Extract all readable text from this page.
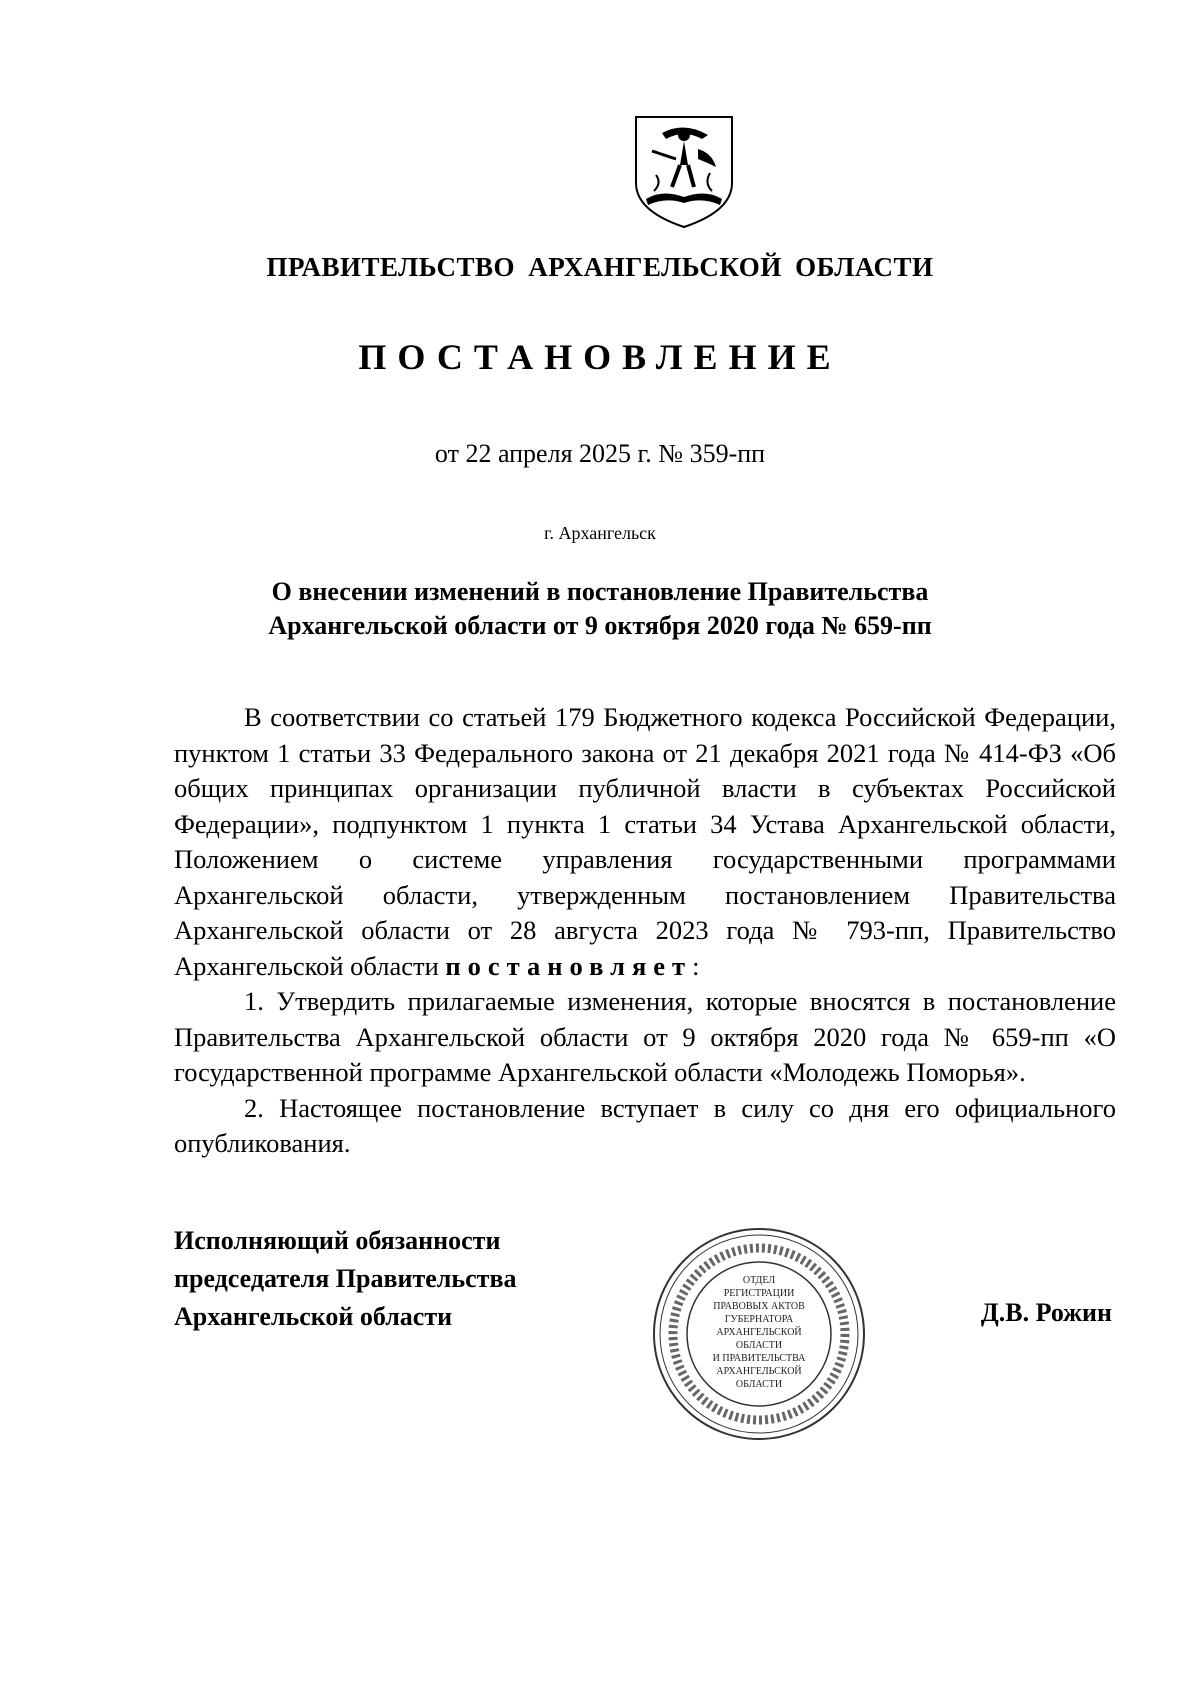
ПРАВИТЕЛЬСТВО АРХАНГЕЛЬСКОЙ ОБЛАСТИ
ПОСТАНОВЛЕНИЕ
от 22 апреля 2025 г. № 359-пп
г. Архангельск
О внесении изменений в постановление Правительства
Архангельской области от 9 октября 2020 года № 659-пп

В соответствии со статьей 179 Бюджетного кодекса Российской Федерации, пунктом 1 статьи 33 Федерального закона от 21 декабря 2021 года № 414-ФЗ «Об общих принципах организации публичной власти в субъектах Российской Федерации», подпунктом 1 пункта 1 статьи 34 Устава Архангельской области, Положением о системе управления государственными программами Архангельской области, утвержденным постановлением Правительства Архангельской области от 28 августа 2023 года № 793-пп, Правительство Архангельской области постановляет:

1. Утвердить прилагаемые изменения, которые вносятся в постановление Правительства Архангельской области от 9 октября 2020 года № 659-пп «О государственной программе Архангельской области «Молодежь Поморья».

2. Настоящее постановление вступает в силу со дня его официального опубликования.

Исполняющий обязанности
председателя Правительства
Архангельской области
ОТДЕЛ
РЕГИСТРАЦИИ
ПРАВОВЫХ АКТОВ
ГУБЕРНАТОРА
АРХАНГЕЛЬСКОЙ
ОБЛАСТИ
И ПРАВИТЕЛЬСТВА
АРХАНГЕЛЬСКОЙ
ОБЛАСТИ
Д.В. Рожин
